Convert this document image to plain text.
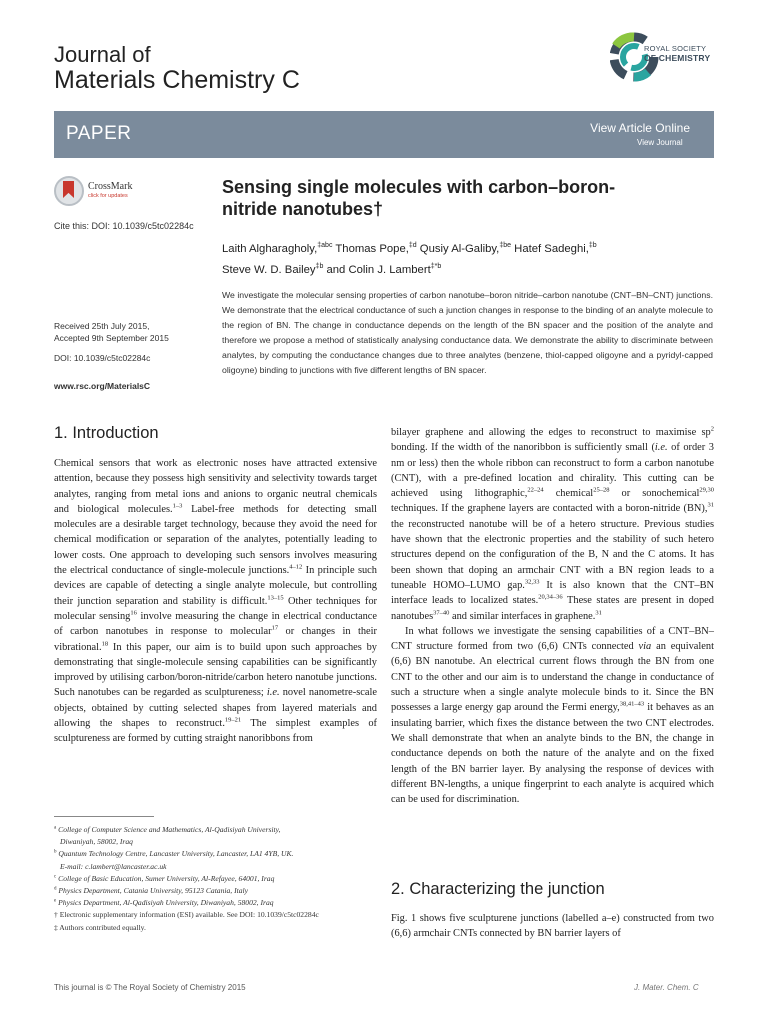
Journal of
Materials Chemistry C
ROYAL SOCIETY
OF CHEMISTRY
PAPER	View Article Online
View Journal
CrossMark
click for updates
Cite this: DOI: 10.1039/c5tc02284c
Received 25th July 2015,
Accepted 9th September 2015
DOI: 10.1039/c5tc02284c
www.rsc.org/MaterialsC
Sensing single molecules with carbon–boron-
nitride nanotubes†
Laith Algharagholy,$^{\ddagger abc}$ Thomas Pope,$^{\ddagger d}$ Qusiy Al-Galiby,$^{\ddagger be}$ Hatef Sadeghi,$^{\ddagger b}$
Steve W. D. Bailey$^{\ddagger b}$ and Colin J. Lambert$^{\ddagger*b}$
We investigate the molecular sensing properties of carbon nanotube–boron nitride–carbon nanotube (CNT–BN–CNT) junctions. We demonstrate that the electrical conductance of such a junction changes in response to the binding of an analyte molecule to the region of BN. The change in conductance depends on the length of the BN spacer and the position of the analyte and therefore we propose a method of statistically analysing conductance data. We demonstrate the ability to discriminate between analytes, by computing the conductance changes due to three analytes (benzene, thiol-capped oligoyne and a pyridyl-capped oligoyne) binding to junctions with five different lengths of BN spacer.
1. Introduction

Chemical sensors that work as electronic noses have attracted extensive attention, because they possess high sensitivity and selectivity towards target analytes, ranging from metal ions and anions to organic neutral chemicals and biological molecules.$^{1-3}$ Label-free methods for detecting small molecules are a desirable target technology, because they avoid the need for chemical modification or separation of the analytes, potentially leading to lower costs. One approach to developing such sensors involves measuring the electrical conductance of single-molecule junctions.$^{4-12}$ In principle such devices are capable of detecting a single analyte molecule, but controlling their junction separation and stability is difficult.$^{13-15}$ Other techniques for molecular sensing$^{16}$ involve measuring the change in electrical conductance of carbon nanotubes in response to molecular$^{17}$ or changes in their vibrational.$^{18}$ In this paper, our aim is to build upon such approaches by demonstrating that single-molecule sensing capabilities can be significantly improved by utilising carbon/boron-nitride/carbon hetero nanotube junctions. Such nanotubes can be regarded as sculptureness; i.e. novel nanometre-scale objects, obtained by cutting selected shapes from layered materials and allowing the shapes to reconstruct.$^{19-21}$ The simplest examples of sculptureness are formed by cutting straight nanoribbons from

bilayer graphene and allowing the edges to reconstruct to maximise $sp^2$ bonding. If the width of the nanoribbon is sufficiently small (i.e. of order 3 nm or less) then the whole ribbon can reconstruct to form a carbon nanotube (CNT), with a pre-defined location and chirality. This cutting can be achieved using lithographic,$^{22-24}$ chemical$^{25-28}$ or sonochemical$^{29,30}$ techniques. If the graphene layers are contacted with a boron-nitride (BN),$^{31}$ the reconstructed nanotube will be of a hetero structure. Previous studies have shown that the electronic properties and the stability of such hetero structures depend on the configuration of the B, N and the C atoms. It has been shown that doping an armchair CNT with a BN region leads to a tuneable HOMO–LUMO gap.$^{32,33}$ It is also known that the CNT–BN interface leads to localized states.$^{20,34-36}$ These states are present in doped nanotubes$^{37-40}$ and similar interfaces in graphene.$^{31}$

In what follows we investigate the sensing capabilities of a CNT–BN–CNT structure formed from two (6,6) CNTs connected via an equivalent (6,6) BN nanotube. An electrical current flows through the BN from one CNT to the other and our aim is to understand the change in conductance of such a structure when a single analyte molecule binds to it. Since the BN possesses a large energy gap around the Fermi energy,$^{38,41-43}$ it behaves as an insulating barrier, which fixes the distance between the two CNT electrodes. We shall demonstrate that when an analyte binds to the BN, the change in conductance depends on both the nature of the analyte and on the fixed length of the BN barrier layer. By analysing the response of devices with different BN-lengths, a unique fingerprint to each analyte is acquired which can be used for discrimination.

2. Characterizing the junction
Fig. 1 shows five sculpturene junctions (labelled a–e) constructed from two (6,6) armchair CNTs connected by BN barrier layers of
$^a$ College of Computer Science and Mathematics, Al-Qadisiyah University,
Diwaniyah, 58002, Iraq
$^b$ Quantum Technology Centre, Lancaster University, Lancaster, LA1 4YB, UK.
E-mail: c.lambert@lancaster.ac.uk
$^c$ College of Basic Education, Sumer University, Al-Refayee, 64001, Iraq
$^d$ Physics Department, Catania University, 95123 Catania, Italy
$^e$ Physics Department, Al-Qadisiyah University, Diwaniyah, 58002, Iraq
† Electronic supplementary information (ESI) available. See DOI: 10.1039/c5tc02284c
‡ Authors contributed equally.
This journal is © The Royal Society of Chemistry 2015	J. Mater. Chem. C
